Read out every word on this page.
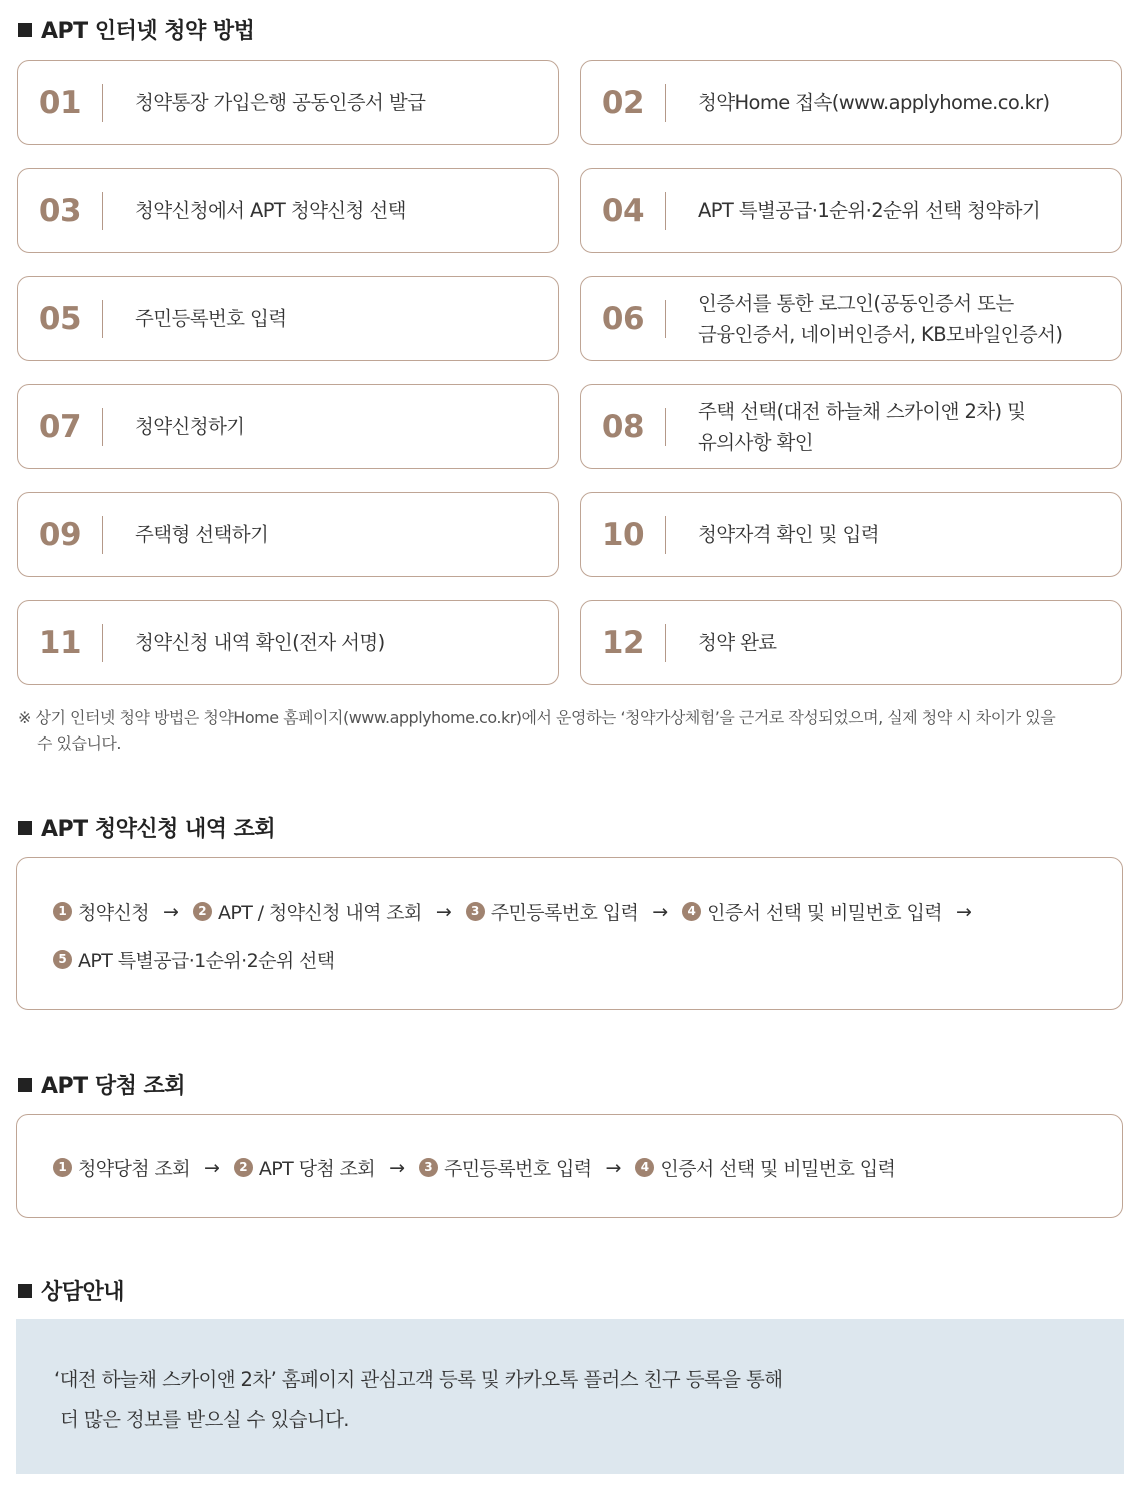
APT 인터넷 청약 방법
01	청약통장 가입은행 공동인증서 발급	02	청약Home 접속(www.applyhome.co.kr)
03	청약신청에서 APT 청약신청 선택	04	APT 특별공급·1순위·2순위 선택 청약하기
05	주민등록번호 입력	06	인증서를 통한 로그인(공동인증서 또는
금융인증서, 네이버인증서, KB모바일인증서)
07	청약신청하기	08	주택 선택(대전 하늘채 스카이앤 2차) 및
유의사항 확인
09	주택형 선택하기	10	청약자격 확인 및 입력
11	청약신청 내역 확인(전자 서명)	12	청약 완료
※ 상기 인터넷 청약 방법은 청약Home 홈페이지(www.applyhome.co.kr)에서 운영하는 ‘청약가상체험’을 근거로 작성되었으며, 실제 청약 시 차이가 있을
수 있습니다.
APT 청약신청 내역 조회
1 청약신청 →	2 APT / 청약신청 내역 조회 →	3 주민등록번호 입력 →	4 인증서 선택 및 비밀번호 입력 →
5 APT 특별공급·1순위·2순위 선택
APT 당첨 조회
1 청약당첨 조회 →	2 APT 당첨 조회 →	3 주민등록번호 입력 →	4 인증서 선택 및 비밀번호 입력
상담안내

‘대전 하늘채 스카이앤 2차’ 홈페이지 관심고객 등록 및 카카오톡 플러스 친구 등록을 통해

더 많은 정보를 받으실 수 있습니다.
